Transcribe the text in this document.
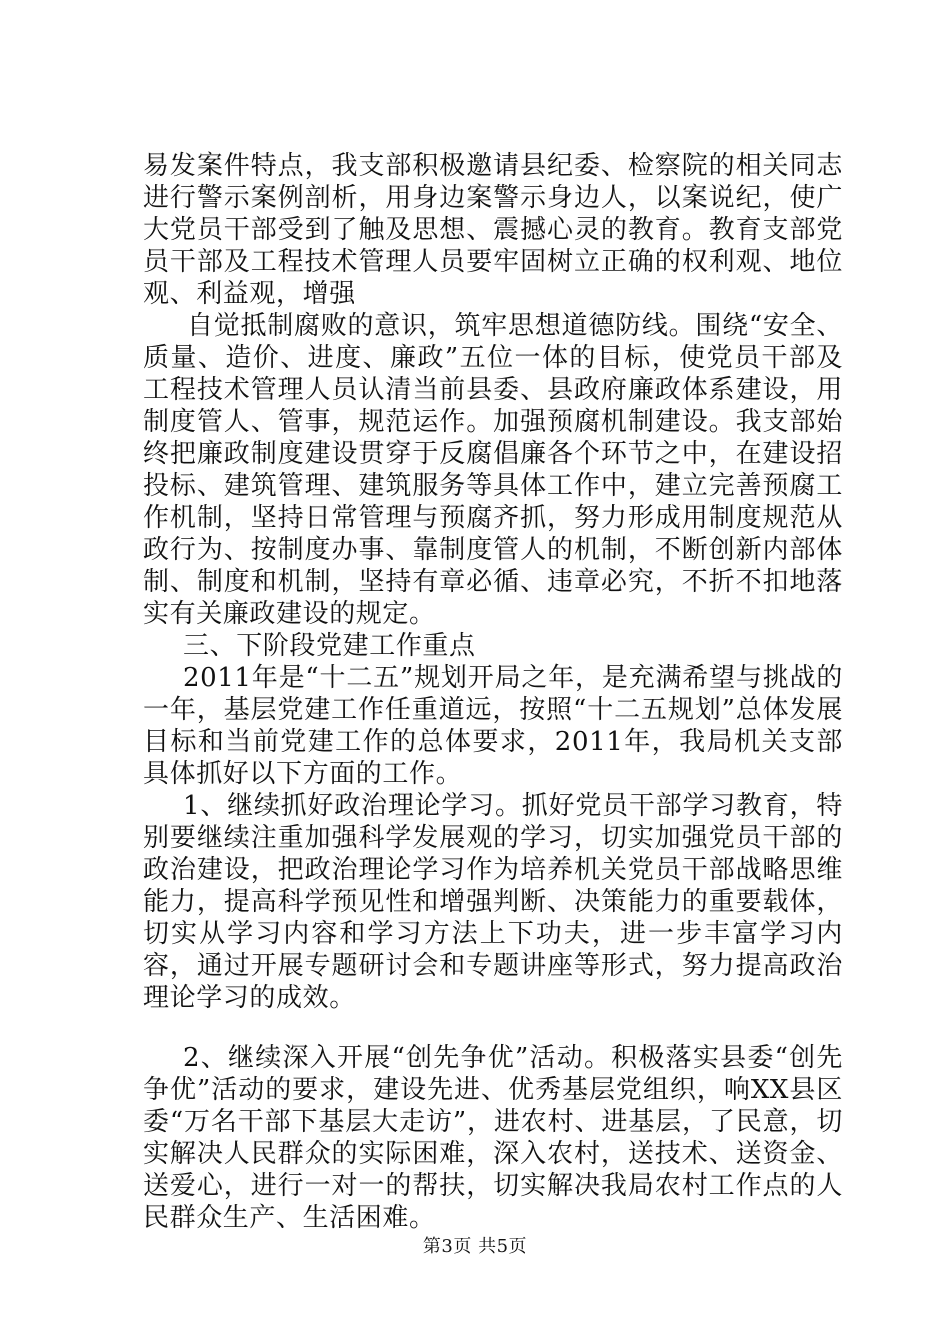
易发案件特点，我支部积极邀请县纪委、检察院的相关同志进行警示案例剖析，用身边案警示身边人，以案说纪，使广大党员干部受到了触及思想、震撼心灵的教育。教育支部党员干部及工程技术管理人员要牢固树立正确的权利观、地位观、利益观，增强

自觉抵制腐败的意识，筑牢思想道德防线。围绕“安全、质量、造价、进度、廉政”五位一体的目标，使党员干部及工程技术管理人员认清当前县委、县政府廉政体系建设，用制度管人、管事，规范运作。加强预腐机制建设。我支部始终把廉政制度建设贯穿于反腐倡廉各个环节之中，在建设招投标、建筑管理、建筑服务等具体工作中，建立完善预腐工作机制，坚持日常管理与预腐齐抓，努力形成用制度规范从政行为、按制度办事、靠制度管人的机制，不断创新内部体制、制度和机制，坚持有章必循、违章必究，不折不扣地落实有关廉政建设的规定。

三、下阶段党建工作重点

2011年是“十二五”规划开局之年，是充满希望与挑战的一年，基层党建工作任重道远，按照“十二五规划”总体发展目标和当前党建工作的总体要求，2011年，我局机关支部具体抓好以下方面的工作。

1、继续抓好政治理论学习。抓好党员干部学习教育，特别要继续注重加强科学发展观的学习，切实加强党员干部的政治建设，把政治理论学习作为培养机关党员干部战略思维能力，提高科学预见性和增强判断、决策能力的重要载体，切实从学习内容和学习方法上下功夫，进一步丰富学习内容，通过开展专题研讨会和专题讲座等形式，努力提高政治理论学习的成效。

2、继续深入开展“创先争优”活动。积极落实县委“创先争优”活动的要求，建设先进、优秀基层党组织，响XX县区委“万名干部下基层大走访”，进农村、进基层，了民意，切实解决人民群众的实际困难，深入农村，送技术、送资金、送爱心，进行一对一的帮扶，切实解决我局农村工作点的人民群众生产、生活困难。

第3页 共5页
